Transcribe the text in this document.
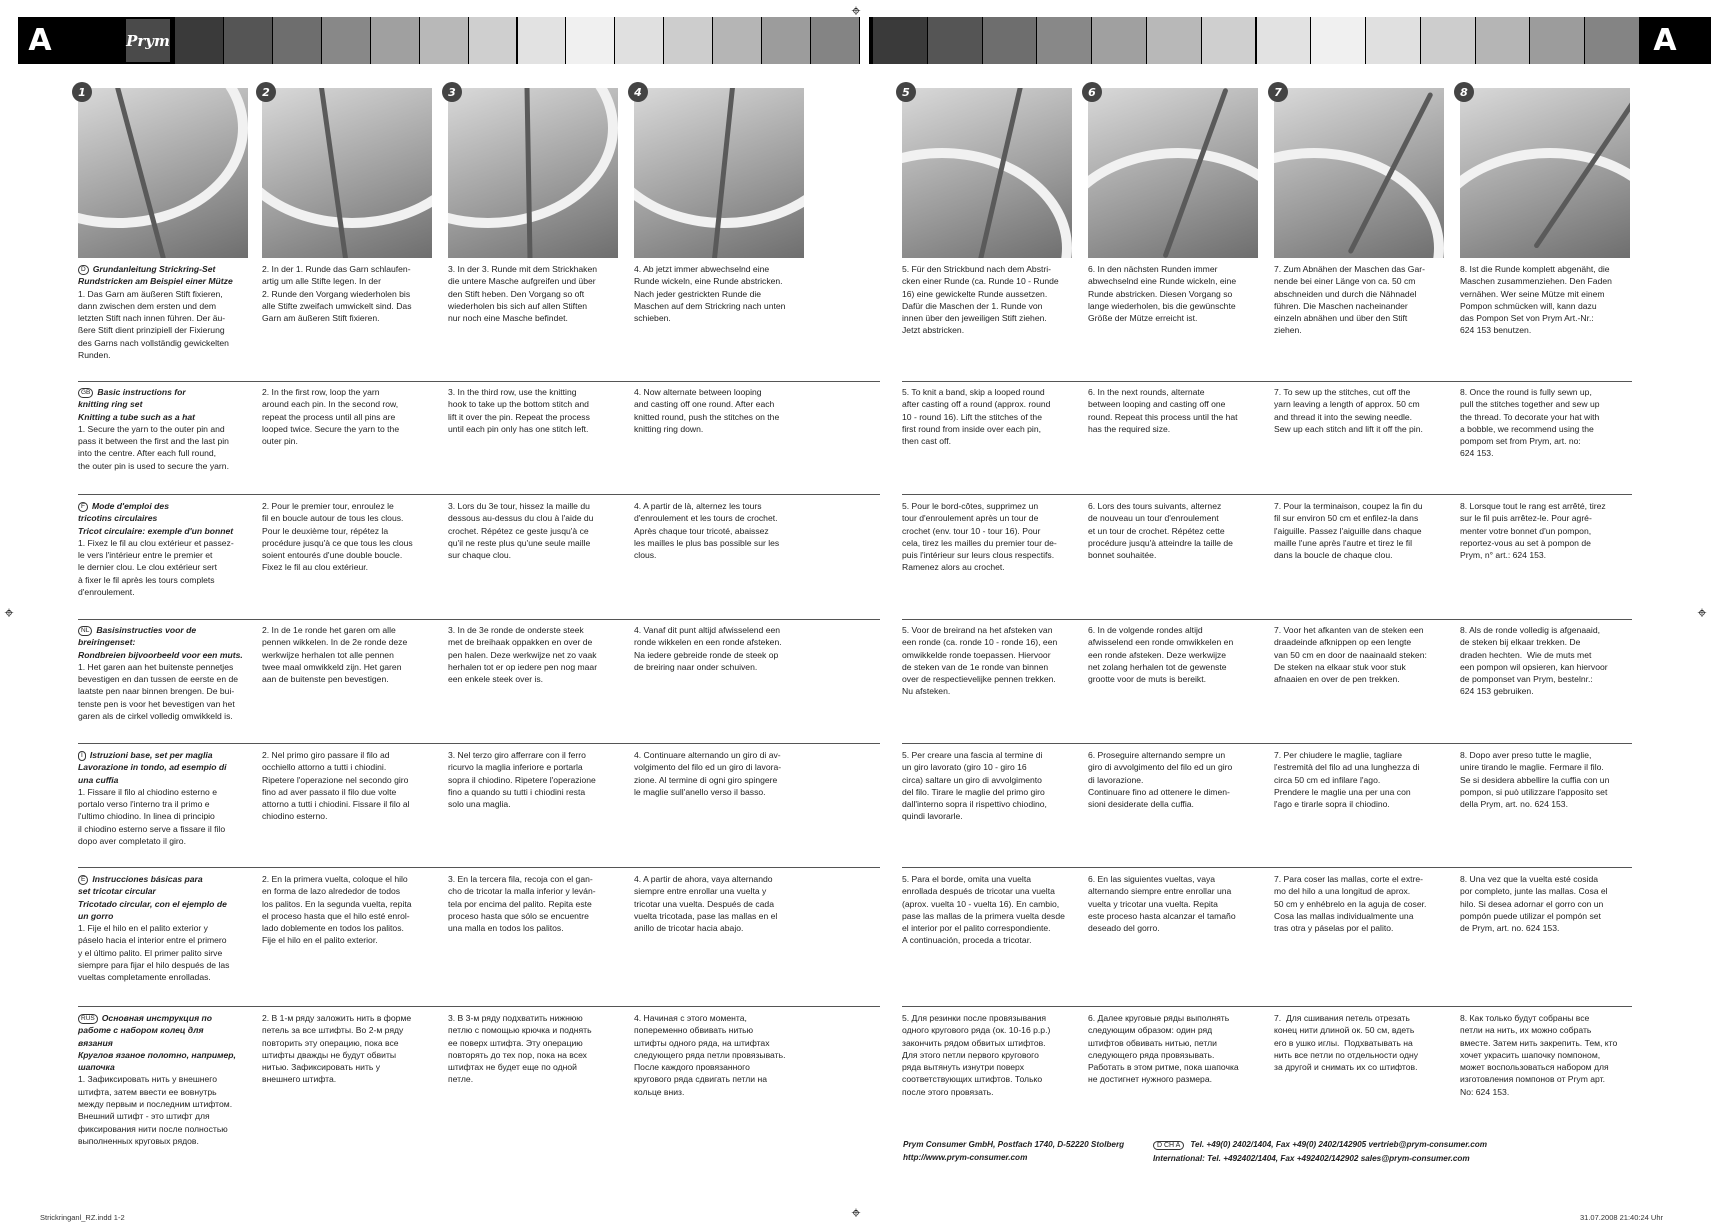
A	A
Prym
⌖
⌖	⌖
⌖
1	2	3	4	5	6	7	8
D Grundanleitung Strickring-Set
Rundstricken am Beispiel einer Mütze
1. Das Garn am äußeren Stift fixieren,
dann zwischen dem ersten und dem
letzten Stift nach innen führen. Der äu-
ßere Stift dient prinzipiell der Fixierung
des Garns nach vollständig gewickelten
Runden.
2. In der 1. Runde das Garn schlaufen-
artig um alle Stifte legen. In der
2. Runde den Vorgang wiederholen bis
alle Stifte zweifach umwickelt sind. Das
Garn am äußeren Stift fixieren.
3. In der 3. Runde mit dem Strickhaken
die untere Masche aufgreifen und über
den Stift heben. Den Vorgang so oft
wiederholen bis sich auf allen Stiften
nur noch eine Masche befindet.
4. Ab jetzt immer abwechselnd eine
Runde wickeln, eine Runde abstricken.
Nach jeder gestrickten Runde die
Maschen auf dem Strickring nach unten
schieben.
5. Für den Strickbund nach dem Abstri-
cken einer Runde (ca. Runde 10 - Runde
16) eine gewickelte Runde aussetzen.
Dafür die Maschen der 1. Runde von
innen über den jeweiligen Stift ziehen.
Jetzt abstricken.
6. In den nächsten Runden immer
abwechselnd eine Runde wickeln, eine
Runde abstricken. Diesen Vorgang so
lange wiederholen, bis die gewünschte
Größe der Mütze erreicht ist.
7. Zum Abnähen der Maschen das Gar-
nende bei einer Länge von ca. 50 cm
abschneiden und durch die Nähnadel
führen. Die Maschen nacheinander
einzeln abnähen und über den Stift
ziehen.
8. Ist die Runde komplett abgenäht, die
Maschen zusammenziehen. Den Faden
vernähen. Wer seine Mütze mit einem
Pompon schmücken will, kann dazu
das Pompon Set von Prym Art.-Nr.:
624 153 benutzen.
GB Basic instructions for
knitting ring set
Knitting a tube such as a hat
1. Secure the yarn to the outer pin and
pass it between the first and the last pin
into the centre. After each full round,
the outer pin is used to secure the yarn.
2. In the first row, loop the yarn
around each pin. In the second row,
repeat the process until all pins are
looped twice. Secure the yarn to the
outer pin.
3. In the third row, use the knitting
hook to take up the bottom stitch and
lift it over the pin. Repeat the process
until each pin only has one stitch left.
4. Now alternate between looping
and casting off one round. After each
knitted round, push the stitches on the
knitting ring down.
5. To knit a band, skip a looped round
after casting off a round (approx. round
10 - round 16). Lift the stitches of the
first round from inside over each pin,
then cast off.
6. In the next rounds, alternate
between looping and casting off one
round. Repeat this process until the hat
has the required size.
7. To sew up the stitches, cut off the
yarn leaving a length of approx. 50 cm
and thread it into the sewing needle.
Sew up each stitch and lift it off the pin.
8. Once the round is fully sewn up,
pull the stitches together and sew up
the thread. To decorate your hat with
a bobble, we recommend using the
pompom set from Prym, art. no:
624 153.
F Mode d'emploi des
tricotins circulaires
Tricot circulaire: exemple d'un bonnet
1. Fixez le fil au clou extérieur et passez-
le vers l'intérieur entre le premier et
le dernier clou. Le clou extérieur sert
à fixer le fil après les tours complets
d'enroulement.
2. Pour le premier tour, enroulez le
fil en boucle autour de tous les clous.
Pour le deuxième tour, répétez la
procédure jusqu'à ce que tous les clous
soient entourés d'une double boucle.
Fixez le fil au clou extérieur.
3. Lors du 3e tour, hissez la maille du
dessous au-dessus du clou à l'aide du
crochet. Répétez ce geste jusqu'à ce
qu'il ne reste plus qu'une seule maille
sur chaque clou.
4. A partir de là, alternez les tours
d'enroulement et les tours de crochet.
Après chaque tour tricoté, abaissez
les mailles le plus bas possible sur les
clous.
5. Pour le bord-côtes, supprimez un
tour d'enroulement après un tour de
crochet (env. tour 10 - tour 16). Pour
cela, tirez les mailles du premier tour de-
puis l'intérieur sur leurs clous respectifs.
Ramenez alors au crochet.
6. Lors des tours suivants, alternez
de nouveau un tour d'enroulement
et un tour de crochet. Répétez cette
procédure jusqu'à atteindre la taille de
bonnet souhaitée.
7. Pour la terminaison, coupez la fin du
fil sur environ 50 cm et enfilez-la dans
l'aiguille. Passez l'aiguille dans chaque
maille l'une après l'autre et tirez le fil
dans la boucle de chaque clou.
8. Lorsque tout le rang est arrêté, tirez
sur le fil puis arrêtez-le. Pour agré-
menter votre bonnet d'un pompon,
reportez-vous au set à pompon de
Prym, n° art.: 624 153.
NL Basisinstructies voor de
breiringenset:
Rondbreien bijvoorbeeld voor een muts.
1. Het garen aan het buitenste pennetjes
bevestigen en dan tussen de eerste en de
laatste pen naar binnen brengen. De bui-
tenste pen is voor het bevestigen van het
garen als de cirkel volledig omwikkeld is.
2. In de 1e ronde het garen om alle
pennen wikkelen. In de 2e ronde deze
werkwijze herhalen tot alle pennen
twee maal omwikkeld zijn. Het garen
aan de buitenste pen bevestigen.
3. In de 3e ronde de onderste steek
met de breihaak oppakken en over de
pen halen. Deze werkwijze net zo vaak
herhalen tot er op iedere pen nog maar
een enkele steek over is.
4. Vanaf dit punt altijd afwisselend een
ronde wikkelen en een ronde afsteken.
Na iedere gebreide ronde de steek op
de breiring naar onder schuiven.
5. Voor de breirand na het afsteken van
een ronde (ca. ronde 10 - ronde 16), een
omwikkelde ronde toepassen. Hiervoor
de steken van de 1e ronde van binnen
over de respectievelijke pennen trekken.
Nu afsteken.
6. In de volgende rondes altijd
afwisselend een ronde omwikkelen en
een ronde afsteken. Deze werkwijze
net zolang herhalen tot de gewenste
grootte voor de muts is bereikt.
7. Voor het afkanten van de steken een
draadeinde afknippen op een lengte
van 50 cm en door de naainaald steken:
De steken na elkaar stuk voor stuk
afnaaien en over de pen trekken.
8. Als de ronde volledig is afgenaaid,
de steken bij elkaar trekken. De
draden hechten.  Wie de muts met
een pompon wil opsieren, kan hiervoor
de pomponset van Prym, bestelnr.:
624 153 gebruiken.
I Istruzioni base, set per maglia
Lavorazione in tondo, ad esempio di
una cuffia
1. Fissare il filo al chiodino esterno e
portalo verso l'interno tra il primo e
l'ultimo chiodino. In linea di principio
il chiodino esterno serve a fissare il filo
dopo aver completato il giro.
2. Nel primo giro passare il filo ad
occhiello attorno a tutti i chiodini.
Ripetere l'operazione nel secondo giro
fino ad aver passato il filo due volte
attorno a tutti i chiodini. Fissare il filo al
chiodino esterno.
3. Nel terzo giro afferrare con il ferro
ricurvo la maglia inferiore e portarla
sopra il chiodino. Ripetere l'operazione
fino a quando su tutti i chiodini resta
solo una maglia.
4. Continuare alternando un giro di av-
volgimento del filo ed un giro di lavora-
zione. Al termine di ogni giro spingere
le maglie sull'anello verso il basso.
5. Per creare una fascia al termine di
un giro lavorato (giro 10 - giro 16
circa) saltare un giro di avvolgimento
del filo. Tirare le maglie del primo giro
dall'interno sopra il rispettivo chiodino,
quindi lavorarle.
6. Proseguire alternando sempre un
giro di avvolgimento del filo ed un giro
di lavorazione.
Continuare fino ad ottenere le dimen-
sioni desiderate della cuffia.
7. Per chiudere le maglie, tagliare
l'estremità del filo ad una lunghezza di
circa 50 cm ed infilare l'ago.
Prendere le maglie una per una con
l'ago e tirarle sopra il chiodino.
8. Dopo aver preso tutte le maglie,
unire tirando le maglie. Fermare il filo.
Se si desidera abbellire la cuffia con un
pompon, si può utilizzare l'apposito set
della Prym, art. no. 624 153.
E Instrucciones básicas para
set tricotar circular
Tricotado circular, con el ejemplo de
un gorro
1. Fije el hilo en el palito exterior y
páselo hacia el interior entre el primero
y el último palito. El primer palito sirve
siempre para fijar el hilo después de las
vueltas completamente enrolladas.
2. En la primera vuelta, coloque el hilo
en forma de lazo alrededor de todos
los palitos. En la segunda vuelta, repita
el proceso hasta que el hilo esté enrol-
lado doblemente en todos los palitos.
Fije el hilo en el palito exterior.
3. En la tercera fila, recoja con el gan-
cho de tricotar la malla inferior y leván-
tela por encima del palito. Repita este
proceso hasta que sólo se encuentre
una malla en todos los palitos.
4. A partir de ahora, vaya alternando
siempre entre enrollar una vuelta y
tricotar una vuelta. Después de cada
vuelta tricotada, pase las mallas en el
anillo de tricotar hacia abajo.
5. Para el borde, omita una vuelta
enrollada después de tricotar una vuelta
(aprox. vuelta 10 - vuelta 16). En cambio,
pase las mallas de la primera vuelta desde
el interior por el palito correspondiente.
A continuación, proceda a tricotar.
6. En las siguientes vueltas, vaya
alternando siempre entre enrollar una
vuelta y tricotar una vuelta. Repita
este proceso hasta alcanzar el tamaño
deseado del gorro.
7. Para coser las mallas, corte el extre-
mo del hilo a una longitud de aprox.
50 cm y enhébrelo en la aguja de coser.
Cosa las mallas individualmente una
tras otra y páselas por el palito.
8. Una vez que la vuelta esté cosida
por completo, junte las mallas. Cosa el
hilo. Si desea adornar el gorro con un
pompón puede utilizar el pompón set
de Prym, art. no. 624 153.
RUS Основная инструкция по
работе с набором колец для
вязания
Круглов язаное полотно, например,
шапочка
1. Зафиксировать нить у внешнего
штифта, затем ввести ее вовнутрь
между первым и последним штифтом.
Внешний штифт - это штифт для
фиксирования нити после полностью
выполненных круговых рядов.
2. В 1-м ряду заложить нить в форме
петель за все штифты. Во 2-м ряду
повторить эту операцию, пока все
штифты дважды не будут обвиты
нитью. Зафиксировать нить у
внешнего штифта.
3. В 3-м ряду подхватить нижнюю
петлю с помощью крючка и поднять
ее поверх штифта. Эту операцию
повторять до тех пор, пока на всех
штифтах не будет еще по одной
петле.
4. Начиная с этого момента,
попеременно обвивать нитью
штифты одного ряда, на штифтах
следующего ряда петли провязывать.
После каждого провязанного
кругового ряда сдвигать петли на
кольце вниз.
5. Для резинки после провязывания
одного кругового ряда (ок. 10-16 р.р.)
закончить рядом обвитых штифтов.
Для этого петли первого кругового
ряда вытянуть изнутри поверх
соответствующих штифтов. Только
после этого провязать.
6. Далее круговые ряды выполнять
следующим образом: один ряд
штифтов обвивать нитью, петли
следующего ряда провязывать.
Работать в этом ритме, пока шапочка
не достигнет нужного размера.
7.  Для сшивания петель отрезать
конец нити длиной ок. 50 см, вдеть
его в ушко иглы.  Подхватывать на
нить все петли по отдельности одну
за другой и снимать их со штифтов.
8. Как только будут собраны все
петли на нить, их можно собрать
вместе. Затем нить закрепить. Тем, кто
хочет украсить шапочку помпоном,
может воспользоваться набором для
изготовления помпонов от Prym арт.
No: 624 153.
Prym Consumer GmbH, Postfach 1740, D-52220 Stolberg
http://www.prym-consumer.com
D CH A Tel. +49(0) 2402/1404, Fax +49(0) 2402/142905 vertrieb@prym-consumer.com
International: Tel. +492402/1404, Fax +492402/142902 sales@prym-consumer.com
Strickringanl_RZ.indd 1-2	31.07.2008 21:40:24 Uhr
